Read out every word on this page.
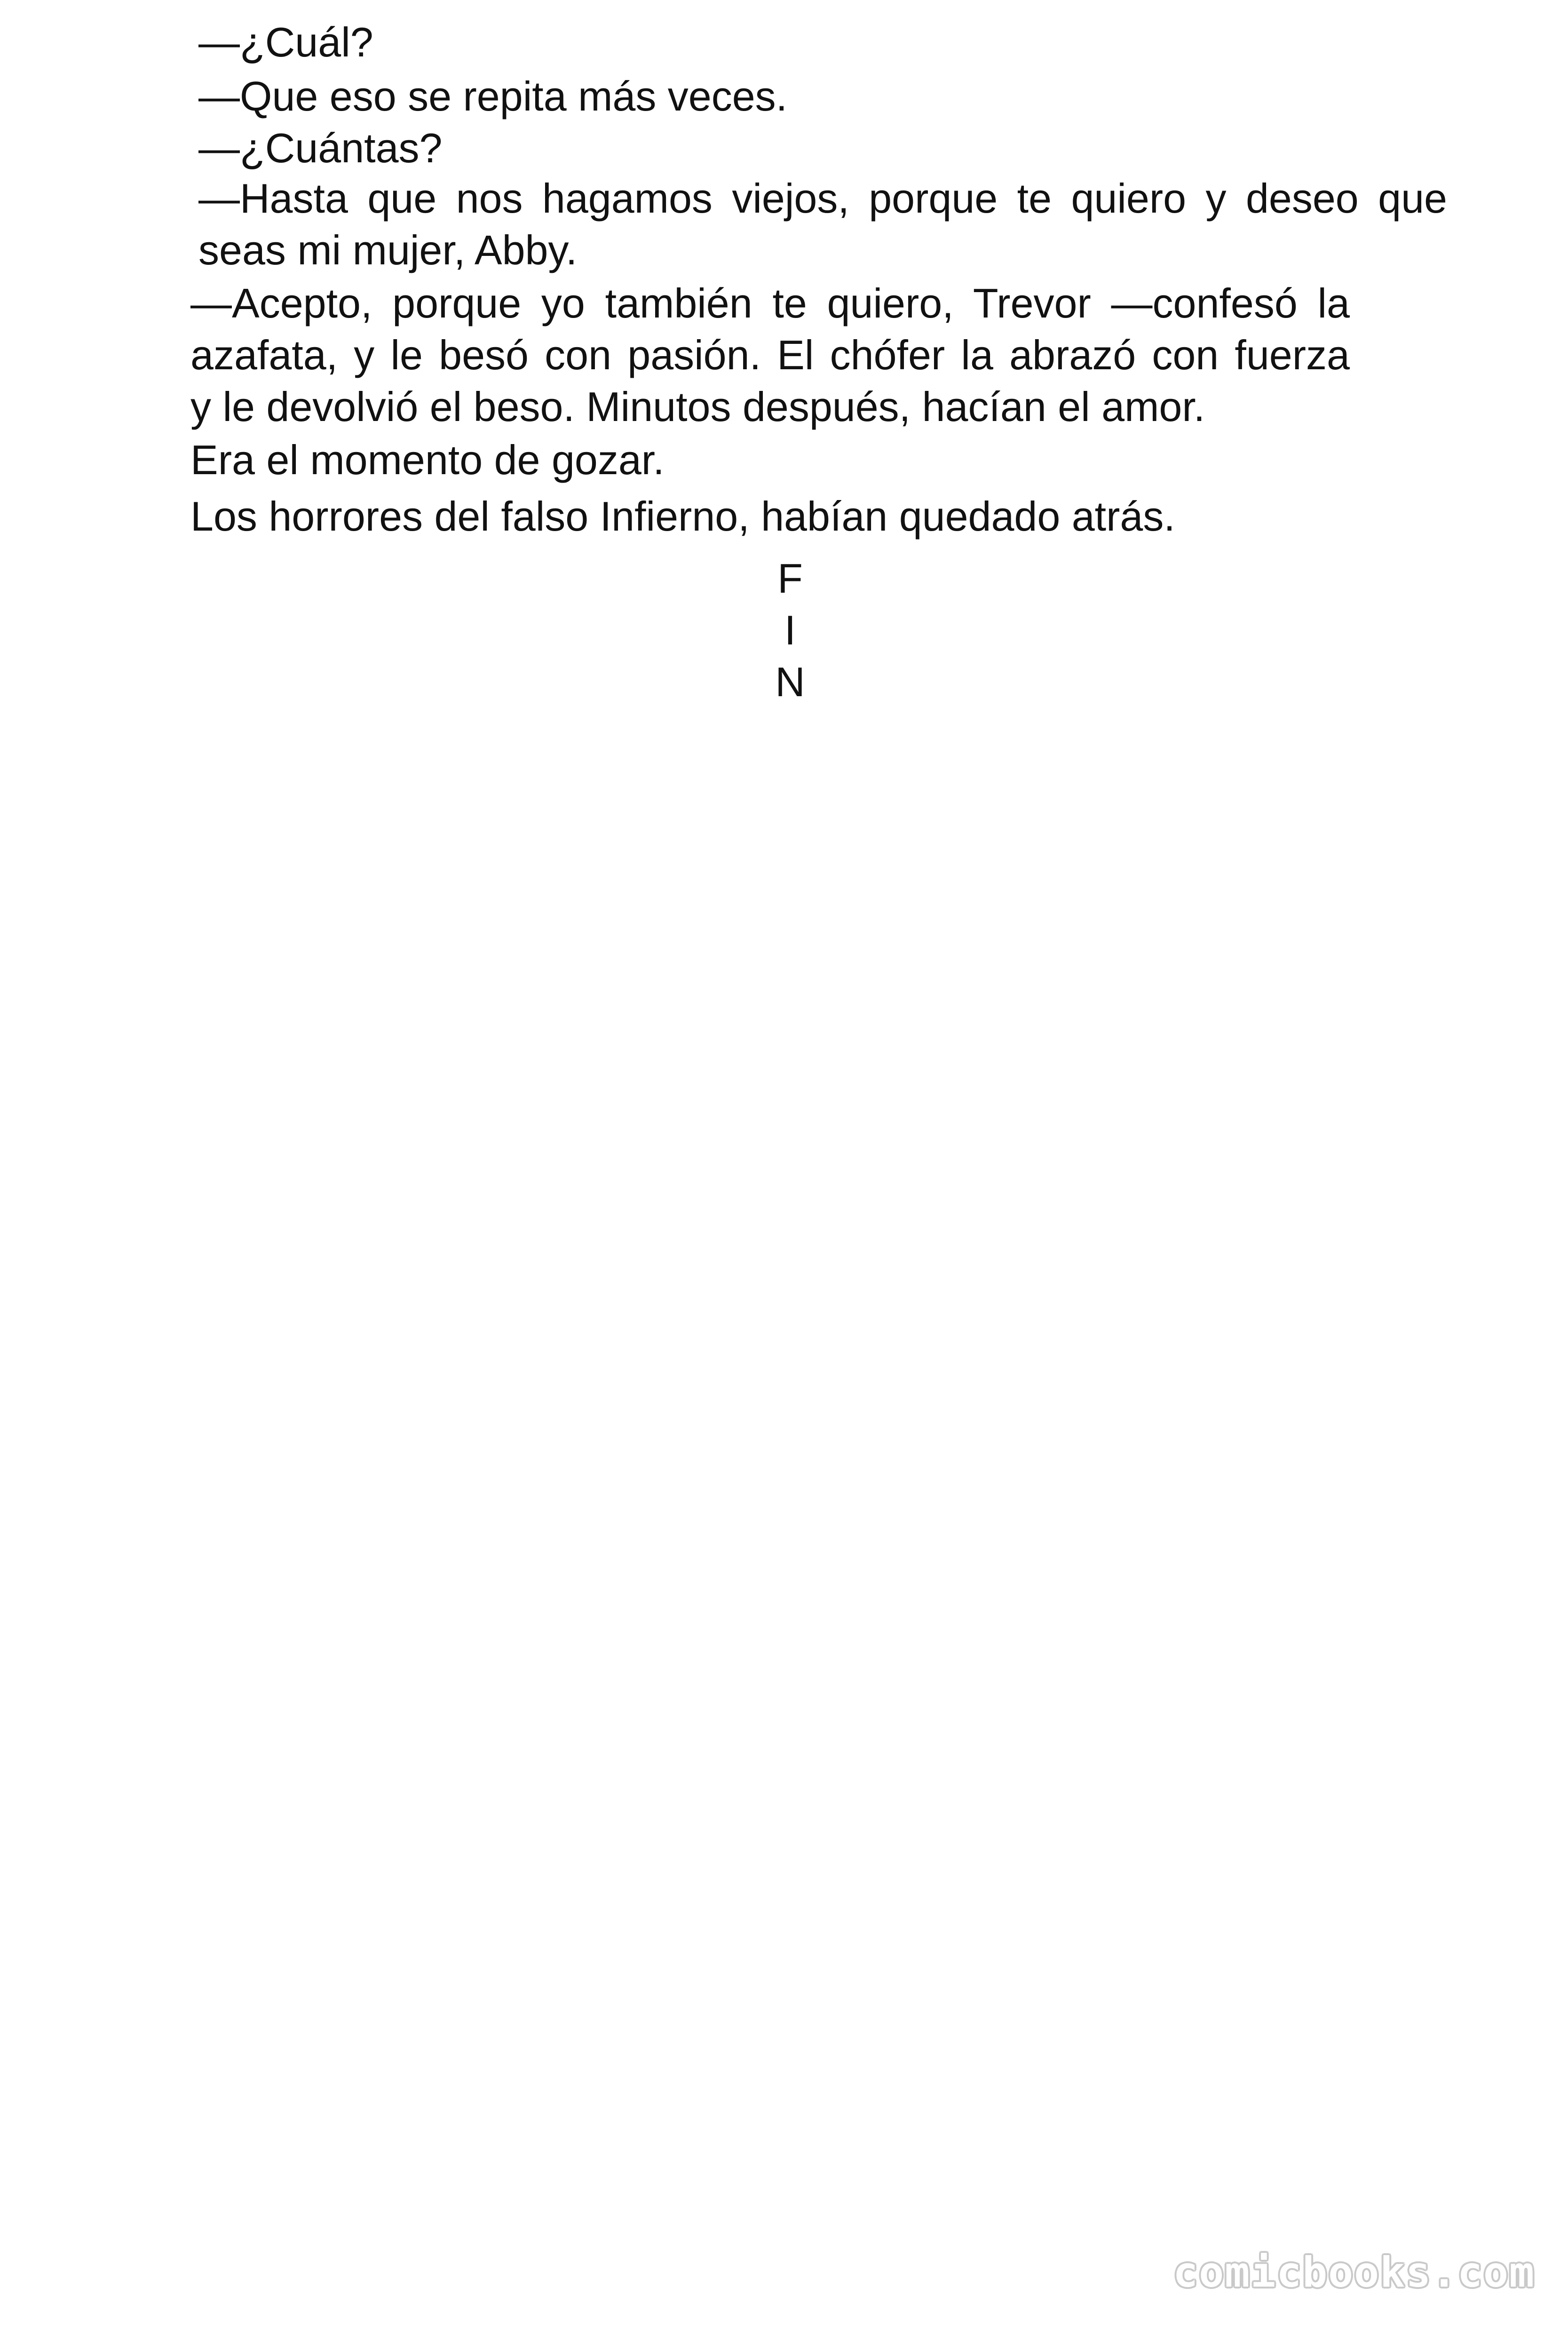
—¿Cuál?
—Que eso se repita más veces.
—¿Cuántas?
—Hasta que nos hagamos viejos, porque te quiero y deseo que
seas mi mujer, Abby.
—Acepto, porque yo también te quiero, Trevor —confesó la
azafata, y le besó con pasión. El chófer la abrazó con fuerza
y le devolvió el beso. Minutos después, hacían el amor.
Era el momento de gozar.
Los horrores del falso Infierno, habían quedado atrás.
F
I
N
comicbooks.com
